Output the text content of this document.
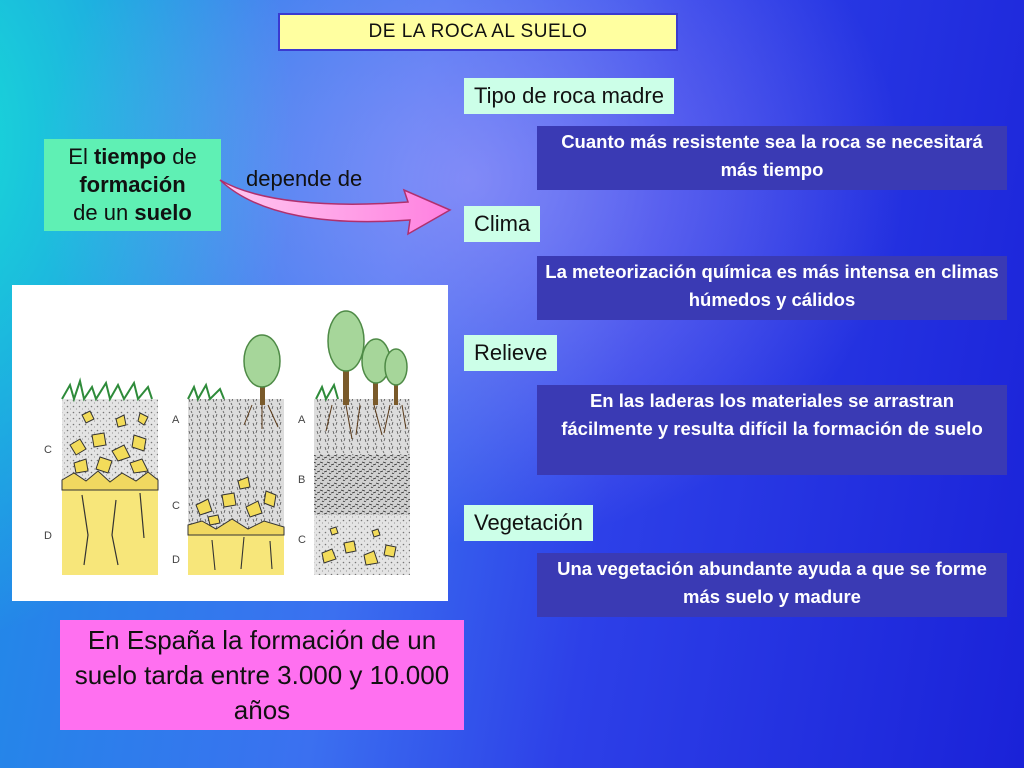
DE LA ROCA AL SUELO
El tiempo de
formación
de un suelo
depende de
Tipo de roca madre
Cuanto más resistente sea la roca se necesitará más tiempo
Clima
La meteorización química es más intensa en climas húmedos y cálidos
Relieve
En las laderas los materiales se arrastran fácilmente y resulta difícil la formación de suelo
Vegetación
Una vegetación abundante ayuda a que se forme más suelo y madure
C
D
A
C
D
A
B
C
En España la formación de un suelo tarda entre 3.000 y 10.000 años
